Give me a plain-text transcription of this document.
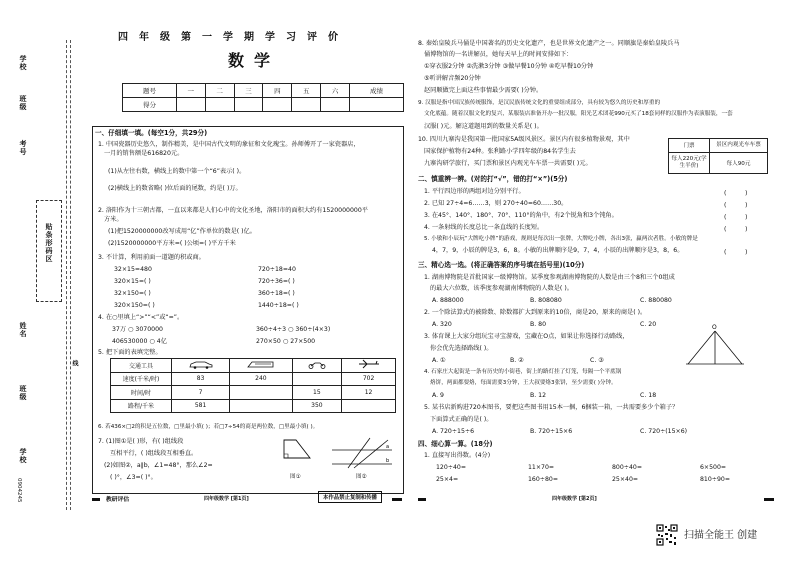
学校
班级
考号
贴条形码区
姓名
班级
学校
线
0904245
四年级第一学期学习评价
数学
题号	一	二	三	四	五	六	成绩
得分							
一、仔细填一填。(每空1分，共29分)
1. 中国瓷器历史悠久，制作精美，是中国古代文明的象征和文化瑰宝。孙师傅开了一家瓷器店，
一月的销售额是616820元。
(1)从左往右数，横线上的数中第一个“6”表示( )。
(2)横线上的数省略( )位后面的尾数，约是( )万。
2. 洛阳作为十三朝古都，一直以来都是人们心中的文化圣地，洛阳市的面积大约有1520000000平
方米。
(1)把1520000000改写成用“亿”作单位的数是( )亿。
(2)1520000000平方米=( )公顷=( )平方千米
3. 不计算，利用前面一道题的积或商。
32×15=480	720÷18=40
320×15=( )	720÷36=( )
32×150=( )	360÷18=( )
320×150=( )	1440÷18=( )
4. 在○里填上“>”“<”或“=”。
37万 ○ 3070000	360÷4÷3 ○ 360÷(4×3)
406530000 ○ 4亿	270×50 ○ 27×500
5. 把下面的表填完整。
交通工具				
速度(千米/时)	83	240		702
时间/时	7		15	12
路程/千米	581		350	
6. 若436×□2的积是五位数，□里最小填( )；若□7÷54的商是两位数，□里最小填( )。
7. (1)图①是( )形，有( )组线段
互相平行，( )组线段互相垂直。
(2)如图②，a∥b，∠1=48°，那么∠2=
( )°，∠3=( )°。	图①
a
b
图②
教研评估	四年级数学 [第1页]	本作品禁止复制和传播
8. 秦始皇陵兵马俑是中国著名的历史文化遗产，也是世界文化遗产之一。同顺旗是秦始皇陵兵马
俑博物馆的一名讲解员，她每天早上的时间安排如下：
①穿衣服2分钟 ②洗漱3分钟 ③做早餐10分钟 ④吃早餐10分钟
⑤听讲解音频20分钟
赵同顺做完上面这些事情最少需要( )分钟。
9. 汉服是指中国汉族传统服饰，是汉民族传统文化的重要组成部分，具有较为悠久的历史和厚重的
文化底蕴。随着汉服文化的复兴，某服装店准备开办一批汉服，阳光艺术团花990元买了18套同样的汉服作为表演服装，一套
汉服( )元。解这道题用到的数量关系是( )。
10. 四川九寨沟是我国第一批国家5A级风景区。景区内有很多植物景观，其中
国家保护植物有24种。张利路小学四年级的84名学生去
九寨沟研学旅行，买门票和景区内观光车车票一共需要( )元。
门票	景区内观光车车票
每人220元(学生半价)	每人90元
二、慎重辨一辨。(对的打“√”，错的打“×”)(5分)
1. 平行四边形的两组对边分别平行。
2. 已知 27÷4=6……3，则 270÷40=60……30。
3. 在45°、140°、180°、70°、110°的角中，有2个锐角和3个钝角。
4. 一条射线的长度总比一条直线的长度短。
5. 小敏和小辰玩“大牌吃小牌”的游戏，规则是每次出一张牌，大牌吃小牌，各出3张，赢两次者胜。小敏的牌是
4，7，9，小辰的牌是3，6，8。小敏的出牌顺序是9，7，4，小辰的出牌顺序是3，8，6。
(　　　)
(　　　)
(　　　)
(　　　)
(　　　)
三、精心选一选。(将正确答案的序号填在括号里)(10分)
1. 湖南博物院是首批国家一级博物馆。某季度参观湖南博物院的人数是由三个8和三个0组成
的最大六位数，该季度参观湖南博物院的人数是( )。
A. 888000	B. 808080	C. 880080
2. 一个除法算式的被除数、除数都扩大到原来的10倍，商是20，原来的商是( )。
A. 320	B. 80	C. 20
3. 体育课上大家分组玩宝寻宝游戏，宝藏在O点，如果让你选择行动路线，
你会优先选择路线( )。
A. ①	B. ②	C. ③
O
4. 石家庄大起街是一条有历史的小街巷，街上的路灯挂了灯笼，每隔一个平底锅
烙饼，两面都要烙，每面需要3分钟，王大叔要烙3张饼，至少需要( )分钟。
A. 9	B. 12	C. 18
5. 某书店新购进720本图书，要把这些图书用15本一捆，6捆装一箱，一共需要多少个箱子？
下面算式正确的是( )。
A. 720÷15÷6	B. 720÷15×6	C. 720÷(15×6)
四、细心算一算。(18分)
1. 直接写出得数。(4分)
120÷40=	11×70=	800÷40=	6×500=
25×4=	160÷80=	25×40=	810÷90=
四年级数学 [第2页]
扫描全能王 创建
